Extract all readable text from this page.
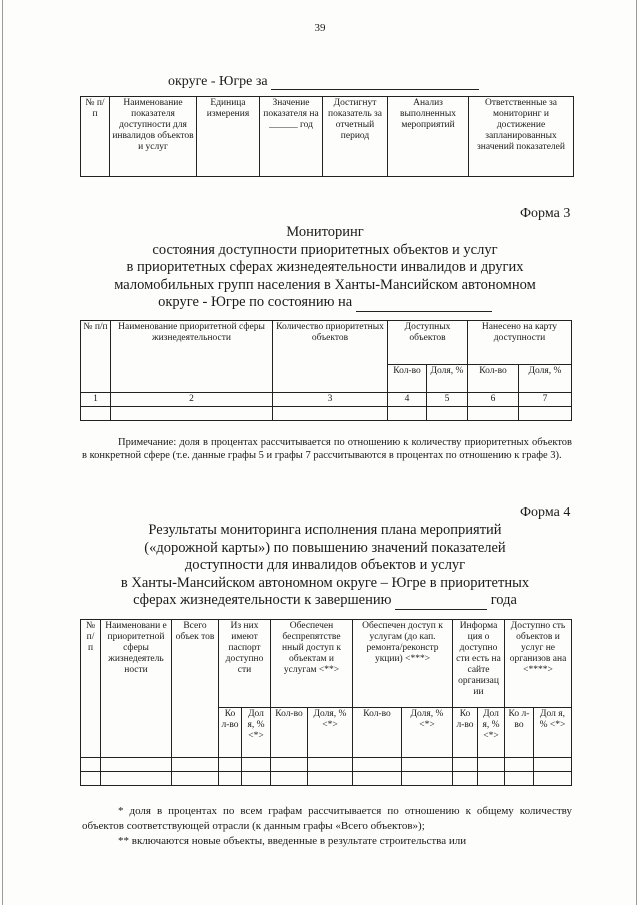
39
округе - Югре за
№ п/п	Наименование показателя доступности для инвалидов объектов и услуг	Единица измерения	Значение показателя на ______ год	Достигнут показатель за отчетный период	Анализ выполненных мероприятий	Ответственные за мониторинг и достижение запланированных значений показателей
Форма 3
Мониторинг
состояния доступности приоритетных объектов и услуг
в приоритетных сферах жизнедеятельности инвалидов и других
маломобильных групп населения в Ханты-Мансийском автономном
округе - Югре по состоянию на
№ п/п	Наименование приоритетной сферы жизнедеятельности	Количество приоритетных объектов	Доступных объектов		Нанесено на карту доступности	
			Кол-во	Доля, %	Кол-во	Доля, %
1	2	3	4	5	6	7

Примечание: доля в процентах рассчитывается по отношению к количеству приоритетных объектов в конкретной сфере (т.е. данные графы 5 и графы 7 рассчитываются в процентах по отношению к графе 3).
Форма 4
Результаты мониторинга исполнения плана мероприятий
(«дорожной карты») по повышению значений показателей
доступности для инвалидов объектов и услуг
в Ханты-Мансийском автономном округе – Югре в приоритетных
сферах жизнедеятельности к завершению	года
№ п/ п	Наименовани е приоритетной сферы жизнедеятель ности	Всего объек тов	Из них имеют паспорт доступно сти		Обеспечен беспрепятстве нный доступ к объектам и услугам <**>		Обеспечен доступ к услугам (до кап. ремонта/реконстр укции) <***>		Информа ция о доступно сти есть на сайте организац ии		Доступно сть объектов и услуг не организов ана <****>	
			Ко л-во	Дол я, % <*>	Кол-во	Доля, % <*>	Кол-во	Доля, % <*>	Ко л-во	Дол я, % <*>	Ко л-во	Дол я, % <*>

* доля в процентах по всем графам рассчитывается по отношению к общему количеству объектов соответствующей отрасли (к данным графы «Всего объектов»);
** включаются новые объекты, введенные в результате строительства или
